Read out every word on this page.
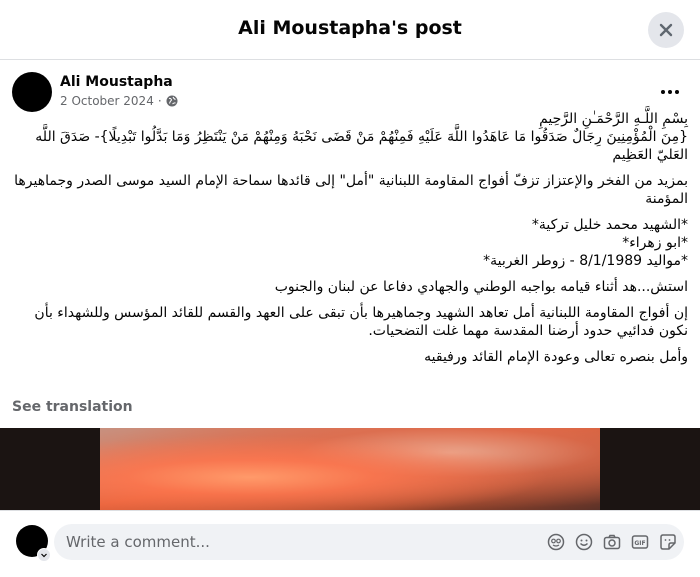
Ali Moustapha's post
Ali Moustapha
2 October 2024 ·

بِسْمِ اللَّـهِ الرَّحْمَـٰنِ الرَّحِيمِ

{مِنَ الْمُؤْمِنِينَ رِجَالٌ صَدَقُوا مَا عَاهَدُوا اللَّهَ عَلَيْهِ فَمِنْهُمْ مَنْ قَضَى نَحْبَهُ وَمِنْهُمْ مَنْ يَنْتَظِرُ وَمَا بَدَّلُوا تَبْدِيلًا}- صَدَقَ اللَّه العَليّ العَظِيم

بمزيد من الفخر والإعتزاز تزفّ أفواج المقاومة اللبنانية "أمل" إلى قائدها سماحة الإمام السيد موسى الصدر وجماهيرها المؤمنة

*الشهيد محمد خليل تركية*

*ابو زهراء*

*مواليد 8/1/1989 - زوطر الغربية*

استش...هد أثناء قيامه بواجبه الوطني والجهادي دفاعا عن لبنان والجنوب

إن أفواج المقاومة اللبنانية أمل تعاهد الشهيد وجماهيرها بأن تبقى على العهد والقسم للقائد المؤسس وللشهداء بأن نكون فدائيي حدود أرضنا المقدسة مهما غلت التضحيات.

وأمل بنصره تعالى وعودة الإمام القائد ورفيقيه

See translation
Write a comment...
GIF
